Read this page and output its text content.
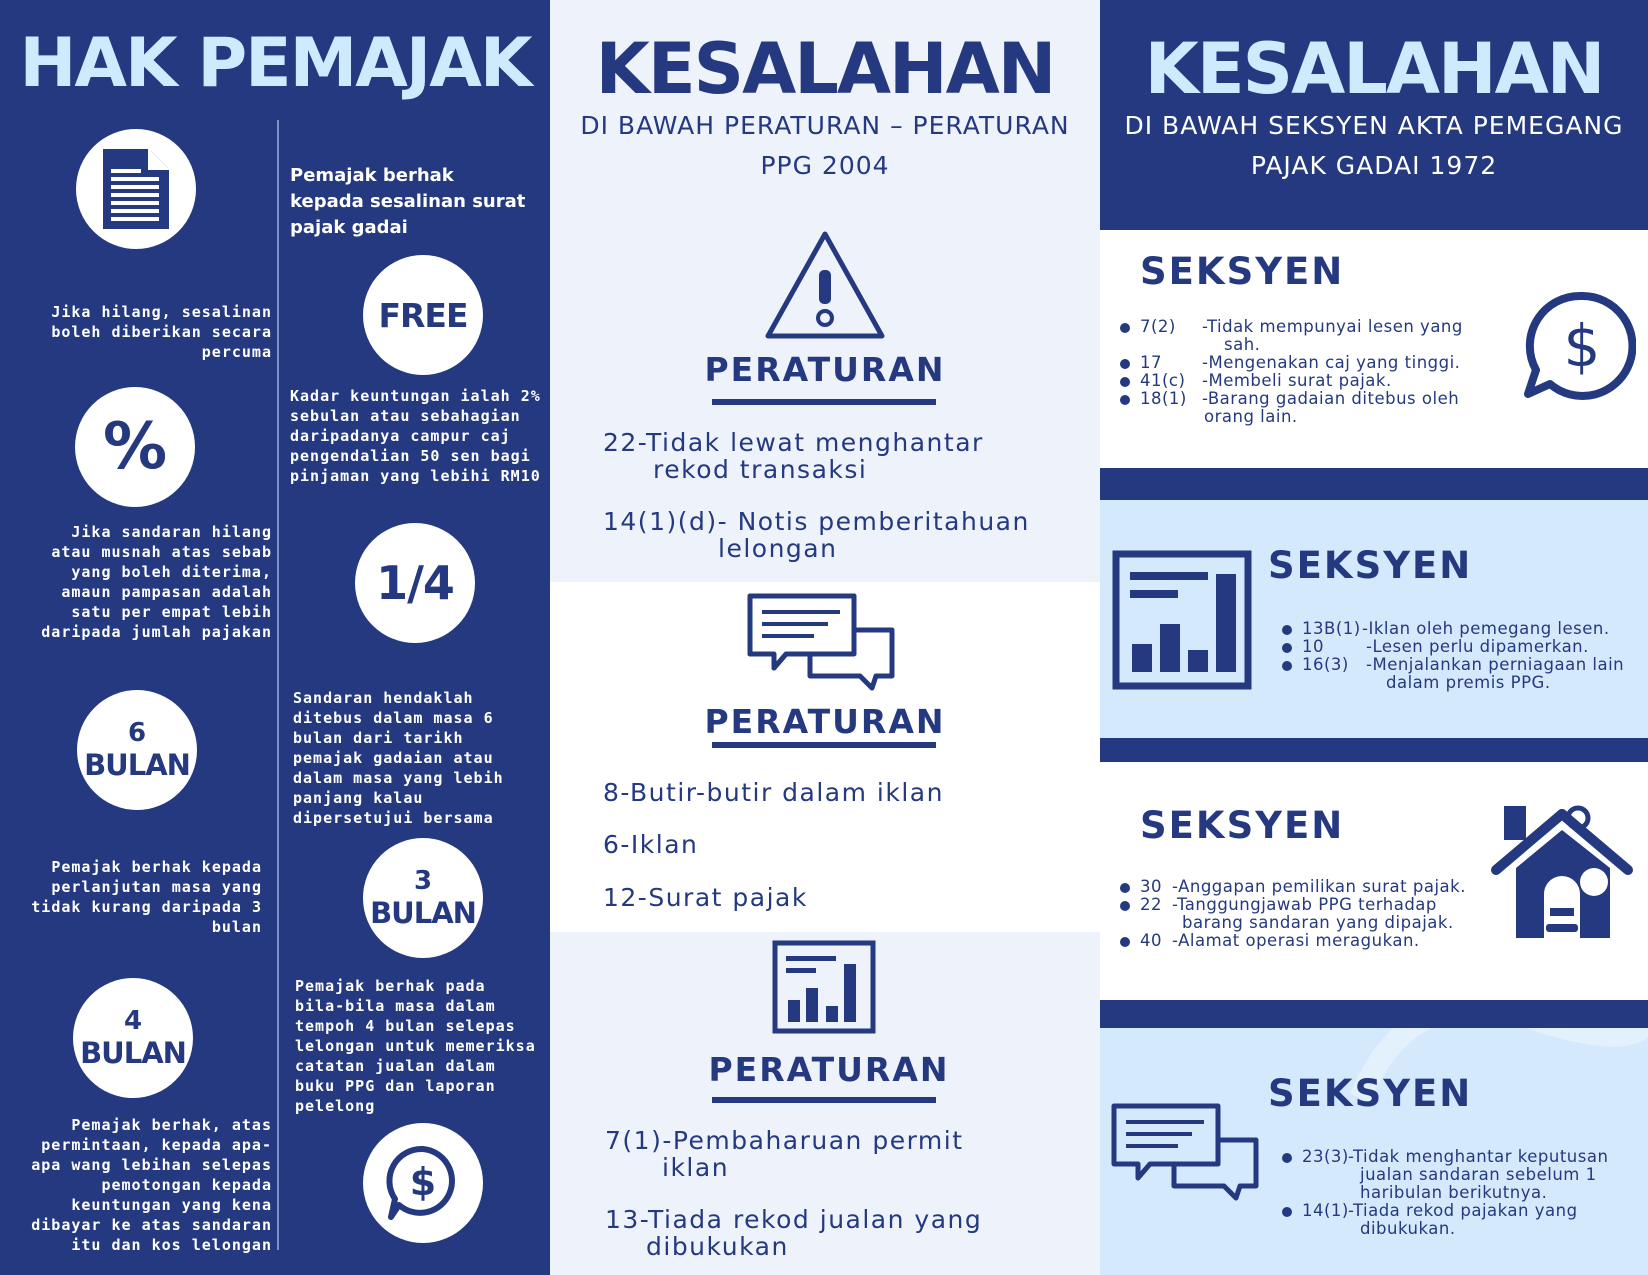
HAK PEMAJAK
Pemajak berhak kepada sesalinan surat pajak gadai
FREE
Jika hilang, sesalinan boleh diberikan secara percuma
%
Kadar keuntungan ialah 2% sebulan atau sebahagian daripadanya campur caj pengendalian 50 sen bagi pinjaman yang lebihi RM10
1/4
Jika sandaran hilang atau musnah atas sebab yang boleh diterima, amaun pampasan adalah satu per empat lebih daripada jumlah pajakan
6
BULAN
Sandaran hendaklah ditebus dalam masa 6 bulan dari tarikh pemajak gadaian atau dalam masa yang lebih panjang kalau dipersetujui bersama
3
BULAN
Pemajak berhak kepada perlanjutan masa yang tidak kurang daripada 3 bulan
4
BULAN
Pemajak berhak pada bila-bila masa dalam tempoh 4 bulan selepas lelongan untuk memeriksa catatan jualan dalam buku PPG dan laporan pelelong
$
Pemajak berhak, atas permintaan, kepada apa-apa wang lebihan selepas pemotongan kepada keuntungan yang kena dibayar ke atas sandaran itu dan kos lelongan
KESALAHAN
DI BAWAH PERATURAN – PERATURAN
PPG 2004
PERATURAN
22-Tidak lewat menghantar
rekod transaksi
14(1)(d)- Notis pemberitahuan
lelongan
PERATURAN
8-Butir-butir dalam iklan
6-Iklan
12-Surat pajak
PERATURAN
7(1)-Pembaharuan permit
iklan
13-Tiada rekod jualan yang
dibukukan
KESALAHAN
DI BAWAH SEKSYEN AKTA PEMEGANG
PAJAK GADAI 1972
SEKSYEN
$
7(2) -Tidak mempunyai lesen yang
sah.
17 -Mengenakan caj yang tinggi.
41(c) -Membeli surat pajak.
18(1) -Barang gadaian ditebus oleh
orang lain.
SEKSYEN
13B(1) -Iklan oleh pemegang lesen.
10	-Lesen perlu dipamerkan.
16(3) -Menjalankan perniagaan lain
dalam premis PPG.
SEKSYEN
30 -Anggapan pemilikan surat pajak.
22 -Tanggungjawab PPG terhadap
barang sandaran yang dipajak.
40 -Alamat operasi meragukan.
SEKSYEN
23(3) -Tidak menghantar keputusan
jualan sandaran sebelum 1
haribulan berikutnya.
14(1) -Tiada rekod pajakan yang
dibukukan.
